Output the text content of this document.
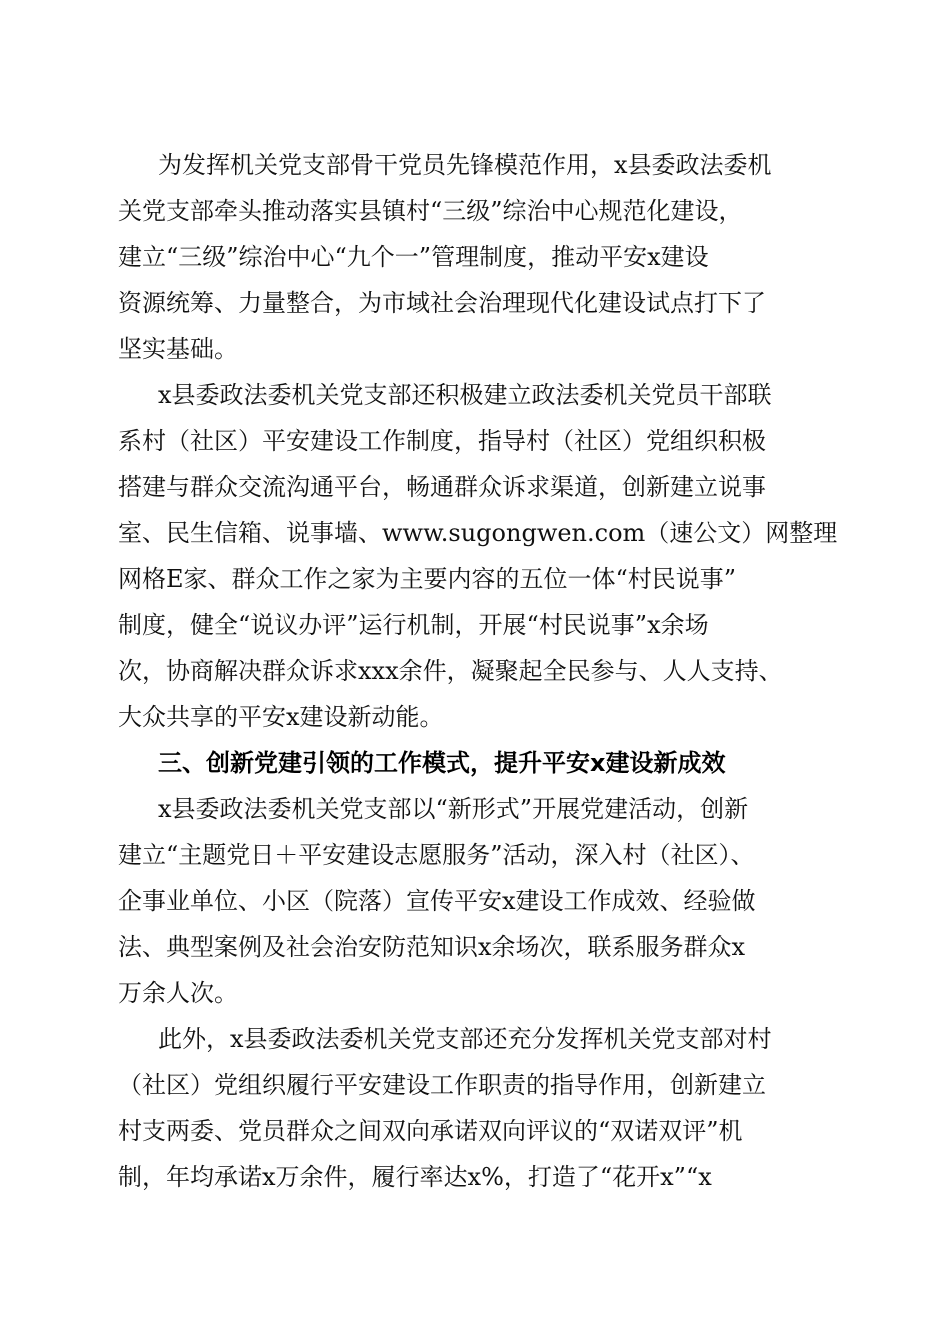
为发挥机关党支部骨干党员先锋模范作用，x县委政法委机
关党支部牵头推动落实县镇村“三级”综治中心规范化建设，
建立“三级”综治中心“九个一”管理制度，推动平安x建设
资源统筹、力量整合，为市域社会治理现代化建设试点打下了
坚实基础。
x县委政法委机关党支部还积极建立政法委机关党员干部联
系村（社区）平安建设工作制度，指导村（社区）党组织积极
搭建与群众交流沟通平台，畅通群众诉求渠道，创新建立说事
室、民生信箱、说事墙、www.sugongwen.com（速公文）网整理
网格E家、群众工作之家为主要内容的五位一体“村民说事”
制度，健全“说议办评”运行机制，开展“村民说事”x余场
次，协商解决群众诉求xxx余件，凝聚起全民参与、人人支持、
大众共享的平安x建设新动能。
三、创新党建引领的工作模式，提升平安x建设新成效
x县委政法委机关党支部以“新形式”开展党建活动，创新
建立“主题党日＋平安建设志愿服务”活动，深入村（社区）、
企事业单位、小区（院落）宣传平安x建设工作成效、经验做
法、典型案例及社会治安防范知识x余场次，联系服务群众x
万余人次。
此外，x县委政法委机关党支部还充分发挥机关党支部对村
（社区）党组织履行平安建设工作职责的指导作用，创新建立
村支两委、党员群众之间双向承诺双向评议的“双诺双评”机
制，年均承诺x万余件，履行率达x%，打造了“花开x”“x
